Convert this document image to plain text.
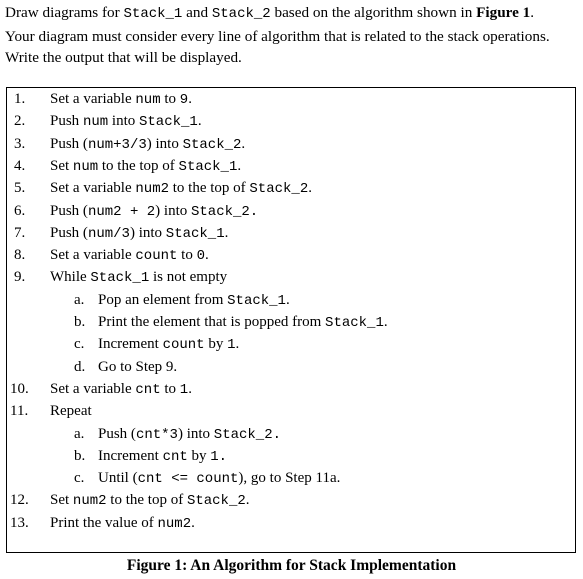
Draw diagrams for Stack_1 and Stack_2 based on the algorithm shown in Figure 1.

Your diagram must consider every line of algorithm that is related to the stack operations.

Write the output that will be displayed.

1. Set a variable num to 9.
2. Push num into Stack_1.
3. Push (num+3/3) into Stack_2.
4. Set num to the top of Stack_1.
5. Set a variable num2 to the top of Stack_2.
6. Push (num2 + 2) into Stack_2.
7. Push (num/3) into Stack_1.
8. Set a variable count to 0.
9. While Stack_1 is not empty
a. Pop an element from Stack_1.
b. Print the element that is popped from Stack_1.
c. Increment count by 1.
d. Go to Step 9.
10. Set a variable cnt to 1.
11. Repeat
a. Push (cnt*3) into Stack_2.
b. Increment cnt by 1.
c. Until (cnt <= count), go to Step 11a.
12. Set num2 to the top of Stack_2.
13. Print the value of num2.
Figure 1: An Algorithm for Stack Implementation
